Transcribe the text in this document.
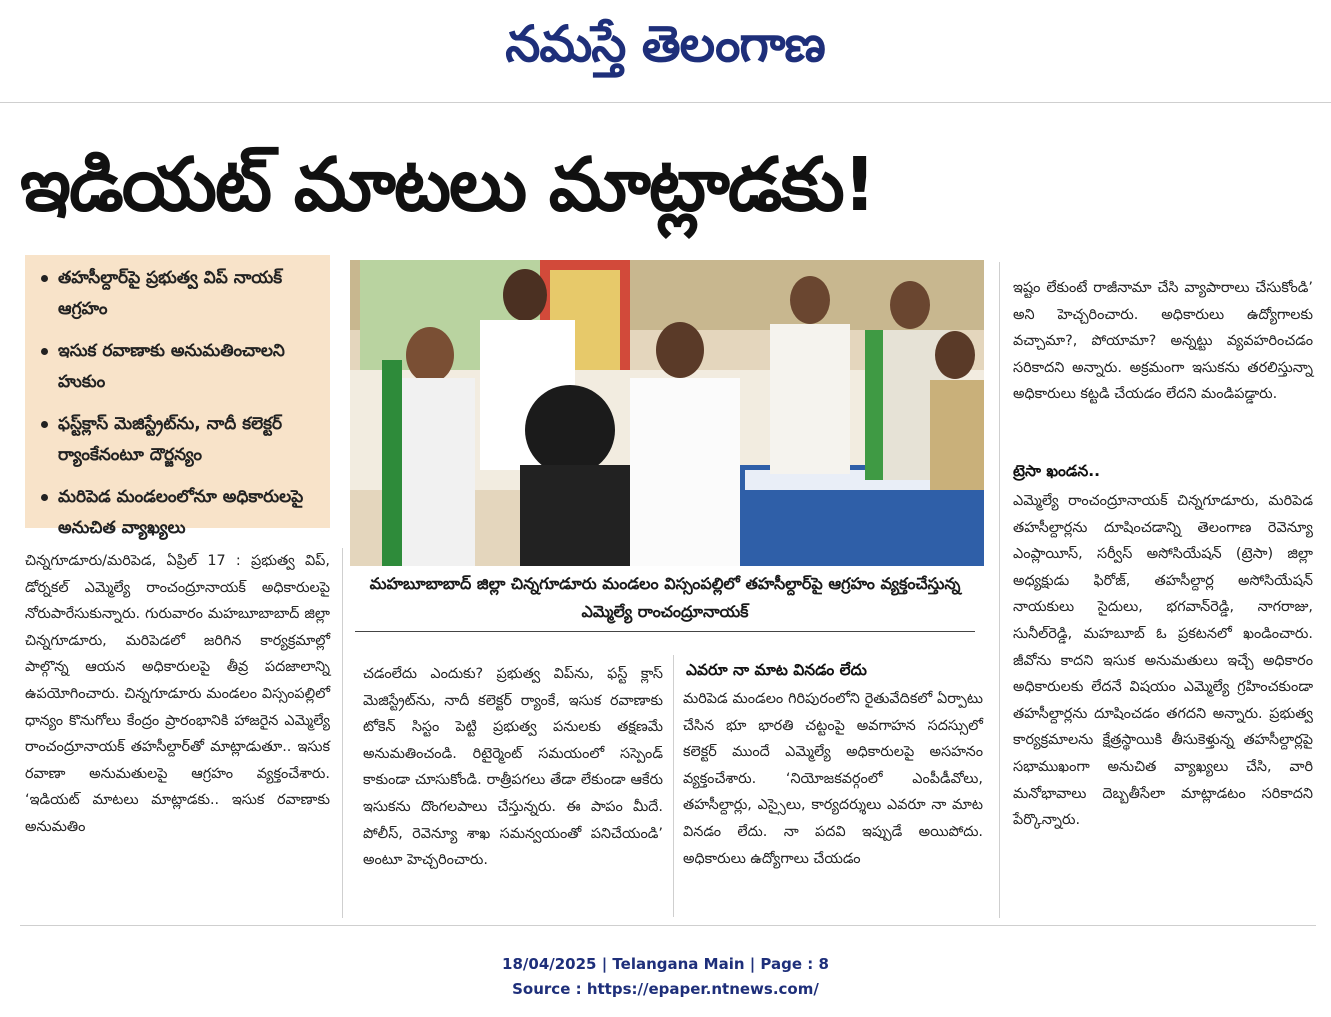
నమస్తే తెలంగాణ
ఇడియట్ మాటలు మాట్లాడకు!
తహసీల్దార్‌పై ప్రభుత్వ విప్ నాయక్ ఆగ్రహం
ఇసుక రవాణాకు అనుమతించాలని హుకుం
ఫస్ట్‌క్లాస్ మెజిస్ట్రేట్‌ను, నాదీ కలెక్టర్ ర్యాంకేనంటూ దౌర్జన్యం
మరిపెడ మండలంలోనూ అధికారులపై అనుచిత వ్యాఖ్యలు
మహబూబాబాద్ జిల్లా చిన్నగూడూరు మండలం విస్సంపల్లిలో తహసీల్దార్‌పై ఆగ్రహం వ్యక్తంచేస్తున్న ఎమ్మెల్యే రాంచంద్రూనాయక్

చిన్నగూడూరు/మరిపెడ, ఏప్రిల్ 17 : ప్రభుత్వ విప్, డోర్నకల్ ఎమ్మెల్యే రాంచంద్రూనాయక్ అధికారులపై నోరుపారేసుకున్నారు. గురువారం మహబూబాబాద్ జిల్లా చిన్నగూడూరు, మరిపెడలో జరిగిన కార్యక్రమాల్లో పాల్గొన్న ఆయన అధికారులపై తీవ్ర పదజాలాన్ని ఉపయోగించారు. చిన్నగూడూరు మండలం విస్సంపల్లిలో ధాన్యం కొనుగోలు కేంద్రం ప్రారంభానికి హాజరైన ఎమ్మెల్యే రాంచంద్రూనాయక్ తహసీల్దార్‌తో మాట్లాడుతూ.. ఇసుక రవాణా అనుమతులపై ఆగ్రహం వ్యక్తంచేశారు. ‘ఇడియట్ మాటలు మాట్లాడకు.. ఇసుక రవాణాకు అనుమతిం

చడంలేదు ఎందుకు? ప్రభుత్వ విప్‌ను, ఫస్ట్ క్లాస్ మెజిస్ట్రేట్‌ను, నాదీ కలెక్టర్ ర్యాంకే, ఇసుక రవాణాకు టోకెన్ సిస్టం పెట్టి ప్రభుత్వ పనులకు తక్షణమే అనుమతించండి. రిటైర్మెంట్ సమయంలో సస్పెండ్ కాకుండా చూసుకోండి. రాత్రీపగలు తేడా లేకుండా ఆకేరు ఇసుకను దొంగలపాలు చేస్తున్నరు. ఈ పాపం మీదే. పోలీస్, రెవెన్యూ శాఖ సమన్వయంతో పనిచేయండి’ అంటూ హెచ్చరించారు.

ఎవరూ నా మాట వినడం లేదు

మరిపెడ మండలం గిరిపురంలోని రైతువేదికలో ఏర్పాటు చేసిన భూ భారతి చట్టంపై అవగాహన సదస్సులో కలెక్టర్ ముందే ఎమ్మెల్యే అధికారులపై అసహనం వ్యక్తంచేశారు. ‘నియోజకవర్గంలో ఎంపీడీవోలు, తహసీల్దార్లు, ఎస్సైలు, కార్యదర్శులు ఎవరూ నా మాట వినడం లేదు. నా పదవి ఇప్పుడే అయిపోదు. అధికారులు ఉద్యోగాలు చేయడం

ఇష్టం లేకుంటే రాజీనామా చేసి వ్యాపారాలు చేసుకోండి’ అని హెచ్చరించారు. అధికారులు ఉద్యోగాలకు వచ్చామా?, పోయామా? అన్నట్టు వ్యవహరించడం సరికాదని అన్నారు. అక్రమంగా ఇసుకను తరలిస్తున్నా అధికారులు కట్టడి చేయడం లేదని మండిపడ్డారు.

ట్రెసా ఖండన..

ఎమ్మెల్యే రాంచంద్రూనాయక్ చిన్నగూడూరు, మరిపెడ తహసీల్దార్లను దూషించడాన్ని తెలంగాణ రెవెన్యూ ఎంప్లాయీస్, సర్వీస్ అసోసియేషన్ (ట్రెసా) జిల్లా అధ్యక్షుడు ఫిరోజ్, తహసీల్దార్ల అసోసియేషన్ నాయకులు సైదులు, భగవాన్‌రెడ్డి, నాగరాజు, సునీల్‌రెడ్డి, మహబూబ్ ఓ ప్రకటనలో ఖండించారు. జీవోను కాదని ఇసుక అనుమతులు ఇచ్చే అధికారం అధికారులకు లేదనే విషయం ఎమ్మెల్యే గ్రహించకుండా తహసీల్దార్లను దూషించడం తగదని అన్నారు. ప్రభుత్వ కార్యక్రమాలను క్షేత్రస్థాయికి తీసుకెళ్తున్న తహసీల్దార్లపై సభాముఖంగా అనుచిత వ్యాఖ్యలు చేసి, వారి మనోభావాలు దెబ్బతీసేలా మాట్లాడటం సరికాదని పేర్కొన్నారు.

18/04/2025 | Telangana Main | Page : 8
Source : https://epaper.ntnews.com/
